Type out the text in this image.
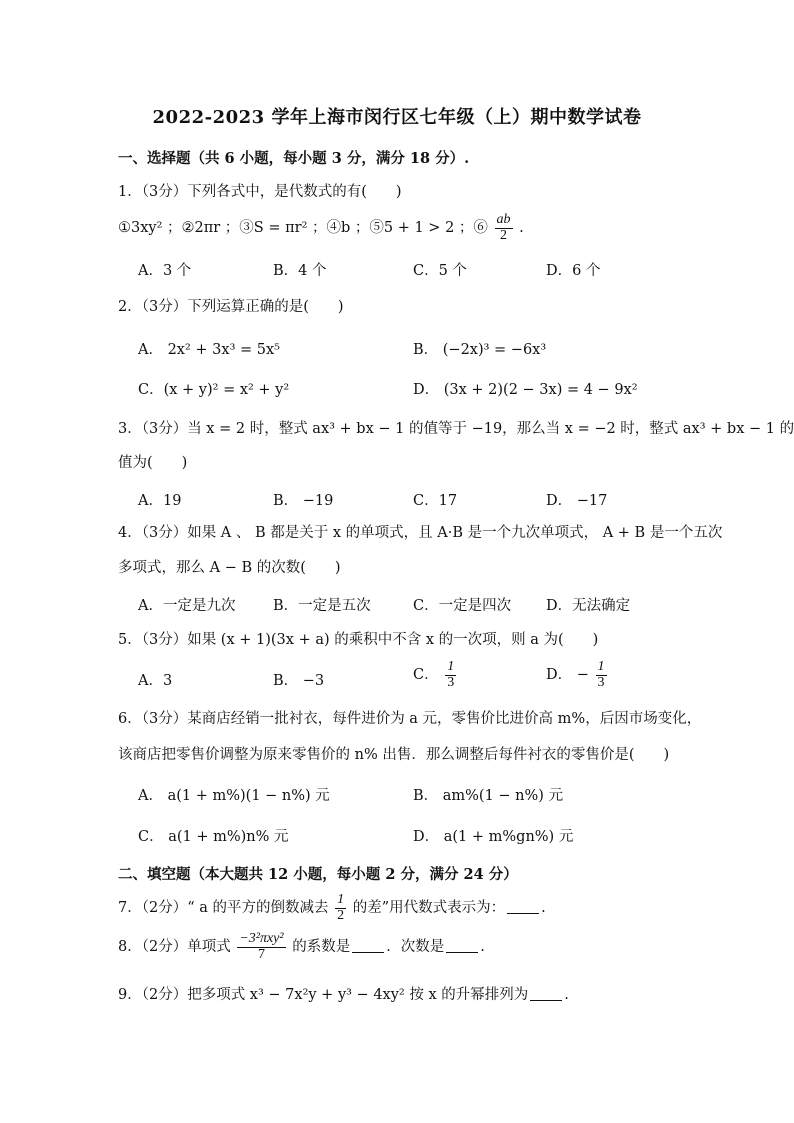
2022-2023 学年上海市闵行区七年级（上）期中数学试卷
一、选择题（共 6 小题，每小题 3 分，满分 18 分）.
1．（3分）下列各式中，是代数式的有(　　)
①3xy² ；②2πr ；③S = πr² ；④b ；⑤5 + 1 > 2 ；⑥ $\frac{ab}{2}$ .
A．3 个	B．4 个	C．5 个	D．6 个
2．（3分）下列运算正确的是(　　)
A． 2x² + 3x³ = 5x⁵	B． (−2x)³ = −6x³
C．(x + y)² = x² + y²	D． (3x + 2)(2 − 3x) = 4 − 9x²
3．（3分）当 x = 2 时，整式 ax³ + bx − 1 的值等于 −19，那么当 x = −2 时，整式 ax³ + bx − 1 的
值为(　　)
A．19	B． −19	C．17	D． −17
4．（3分）如果 A 、 B 都是关于 x 的单项式，且 A·B 是一个九次单项式， A + B 是一个五次
多项式，那么 A − B 的次数(　　)
A．一定是九次	B．一定是五次	C．一定是四次 D．无法确定
5．（3分）如果 (x + 1)(3x + a) 的乘积中不含 x 的一次项，则 a 为(　　)
A．3	B． −3	C． $\frac{1}{3}$	D． − $\frac{1}{3}$
6．（3分）某商店经销一批衬衣，每件进价为 a 元，零售价比进价高 m%，后因市场变化，
该商店把零售价调整为原来零售价的 n% 出售．那么调整后每件衬衣的零售价是(　　)
A． a(1 + m%)(1 − n%) 元	B． am%(1 − n%) 元
C． a(1 + m%)n% 元	D． a(1 + m%gn%) 元
二、填空题（本大题共 12 小题，每小题 2 分，满分 24 分）
7．（2分）“ a 的平方的倒数减去 $\frac{1}{2}$ 的差”用代数式表示为： .
8．（2分）单项式 $\frac{\text{−3²πxy²}}{7}$ 的系数是 ．次数是 .
9．（2分）把多项式 x³ − 7x²y + y³ − 4xy² 按 x 的升幂排列为 .
